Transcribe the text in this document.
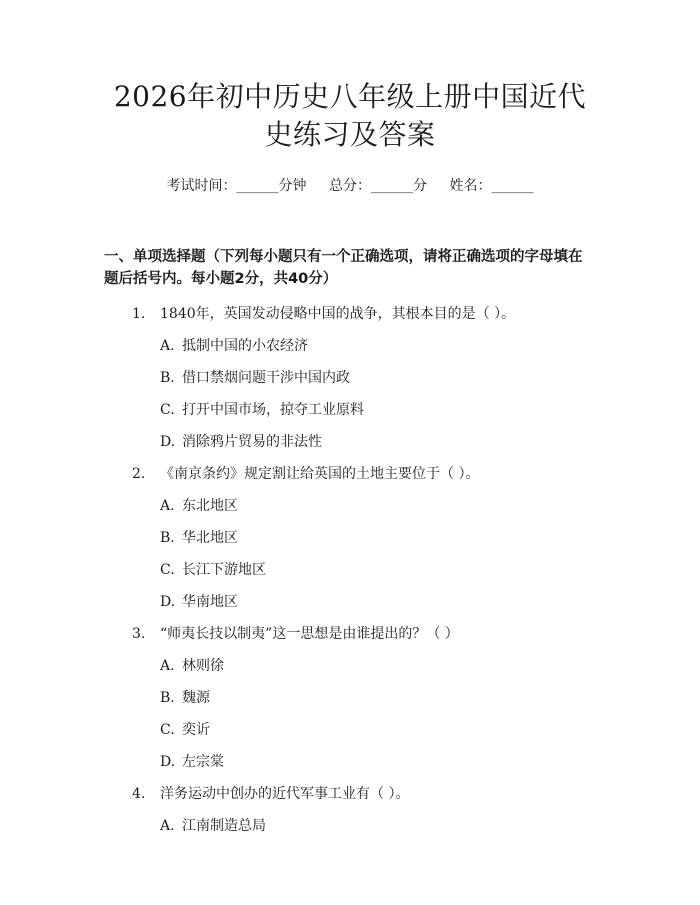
2026年初中历史八年级上册中国近代史练习及答案
考试时间：______分钟 总分：______分 姓名：______
一、单项选择题（下列每小题只有一个正确选项，请将正确选项的字母填在题后括号内。每小题2分，共40分）
1.	1840年，英国发动侵略中国的战争，其根本目的是（ ）。
A. 抵制中国的小农经济
B. 借口禁烟问题干涉中国内政
C. 打开中国市场，掠夺工业原料
D. 消除鸦片贸易的非法性
2.	《南京条约》规定割让给英国的土地主要位于（ ）。
A. 东北地区
B. 华北地区
C. 长江下游地区
D. 华南地区
3.	“师夷长技以制夷”这一思想是由谁提出的？（ ）
A. 林则徐
B. 魏源
C. 奕䜣
D. 左宗棠
4.	洋务运动中创办的近代军事工业有（ ）。
A. 江南制造总局
